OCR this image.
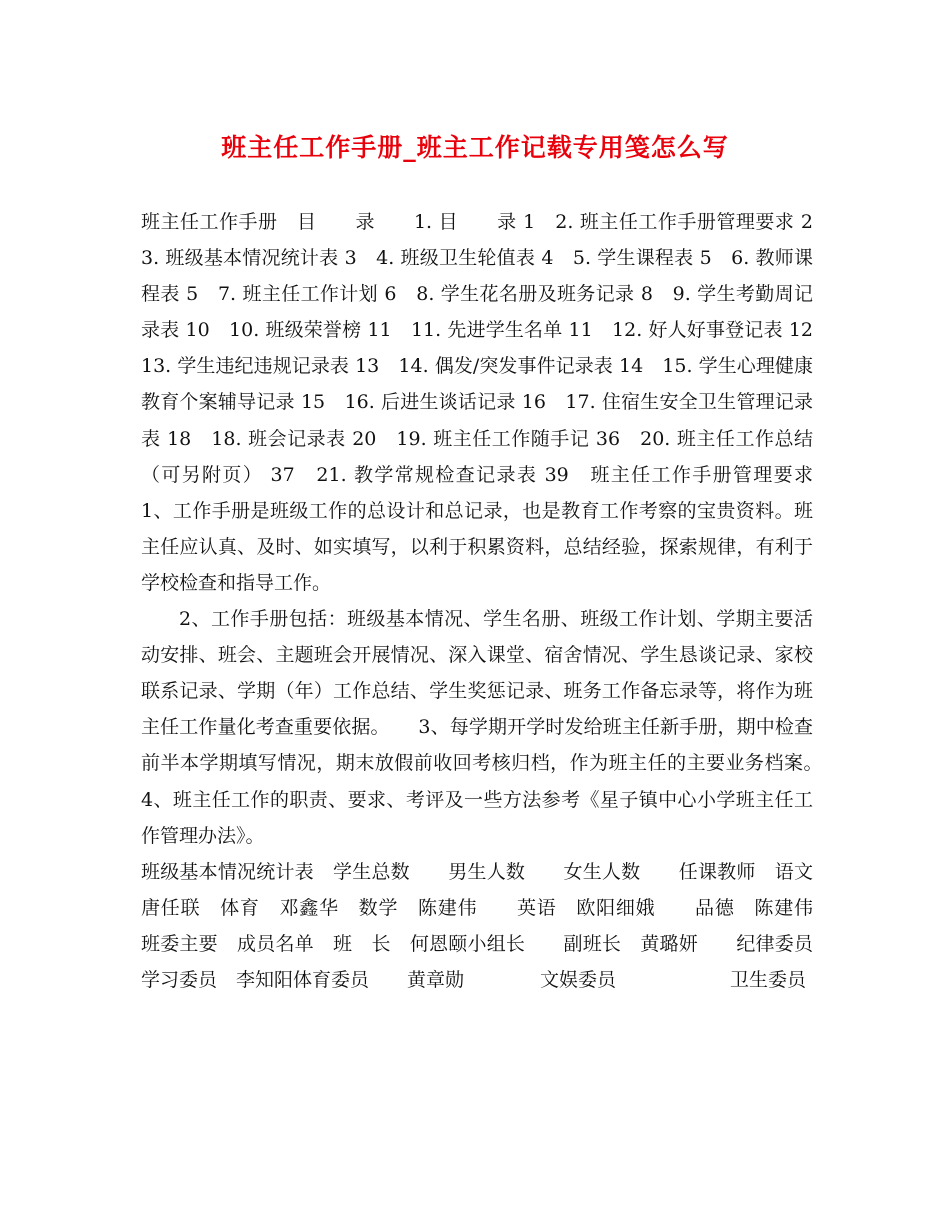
班主任工作手册_班主工作记载专用笺怎么写

班主任工作手册　目　　录　　1. 目　　录 1　2. 班主任工作手册管理要求 2　3. 班级基本情况统计表 3　4. 班级卫生轮值表 4　5. 学生课程表 5　6. 教师课程表 5　7. 班主任工作计划 6　8. 学生花名册及班务记录 8　9. 学生考勤周记录表 10　10. 班级荣誉榜 11　11. 先进学生名单 11　12. 好人好事登记表 12　13. 学生违纪违规记录表 13　14. 偶发/突发事件记录表 14　15. 学生心理健康教育个案辅导记录 15　16. 后进生谈话记录 16　17. 住宿生安全卫生管理记录表 18　18. 班会记录表 20　19. 班主任工作随手记 36　20. 班主任工作总结（可另附页） 37　21. 教学常规检查记录表 39　班主任工作手册管理要求　　　　1、工作手册是班级工作的总设计和总记录，也是教育工作考察的宝贵资料。班主任应认真、及时、如实填写，以利于积累资料，总结经验，探索规律，有利于学校检查和指导工作。

2、工作手册包括：班级基本情况、学生名册、班级工作计划、学期主要活动安排、班会、主题班会开展情况、深入课堂、宿舍情况、学生恳谈记录、家校联系记录、学期（年）工作总结、学生奖惩记录、班务工作备忘录等，将作为班主任工作量化考查重要依据。　　3、每学期开学时发给班主任新手册，期中检查前半本学期填写情况，期末放假前收回考核归档，作为班主任的主要业务档案。　　4、班主任工作的职责、要求、考评及一些方法参考《星子镇中心小学班主任工作管理办法》。

班级基本情况统计表　学生总数　　男生人数　　女生人数　　任课教师　语文　唐任联　体育　邓鑫华　数学　陈建伟　　英语　欧阳细娥　　品德　陈建伟　　班委主要　成员名单　班　长　何恩颐小组长　　副班长　黄璐妍　　纪律委员　　　　学习委员　李知阳体育委员　　黄章勋　　　　文娱委员　　　　　　卫生委员
